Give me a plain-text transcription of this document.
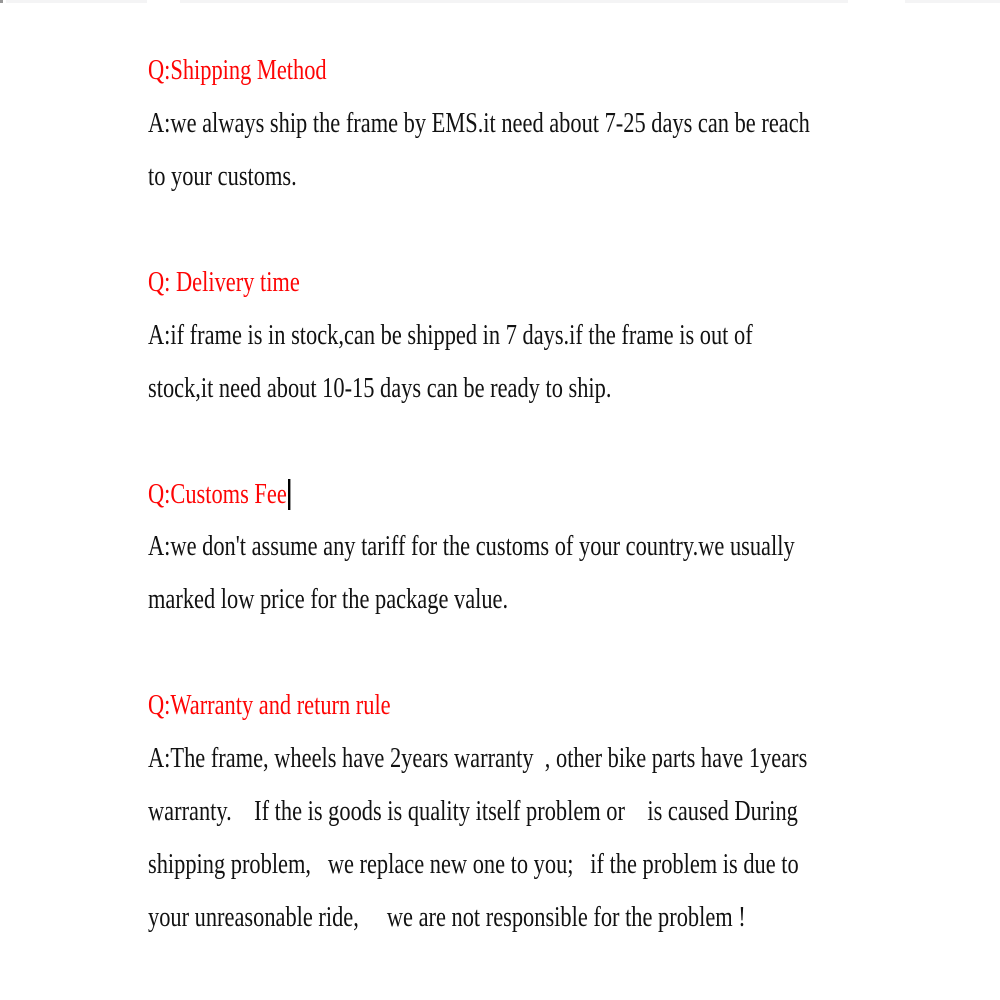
Q:Shipping Method
A:we always ship the frame by EMS.it need about 7-25 days can be reach
to your customs.
Q: Delivery time
A:if frame is in stock,can be shipped in 7 days.if the frame is out of
stock,it need about 10-15 days can be ready to ship.
Q:Customs Fee
A:we don't assume any tariff for the customs of your country.we usually
marked low price for the package value.
Q:Warranty and return rule
A:The frame, wheels have 2years warranty  , other bike parts have 1years
warranty.    If the is goods is quality itself problem or    is caused During
shipping problem,   we replace new one to you;   if the problem is due to
your unreasonable ride,     we are not responsible for the problem !
